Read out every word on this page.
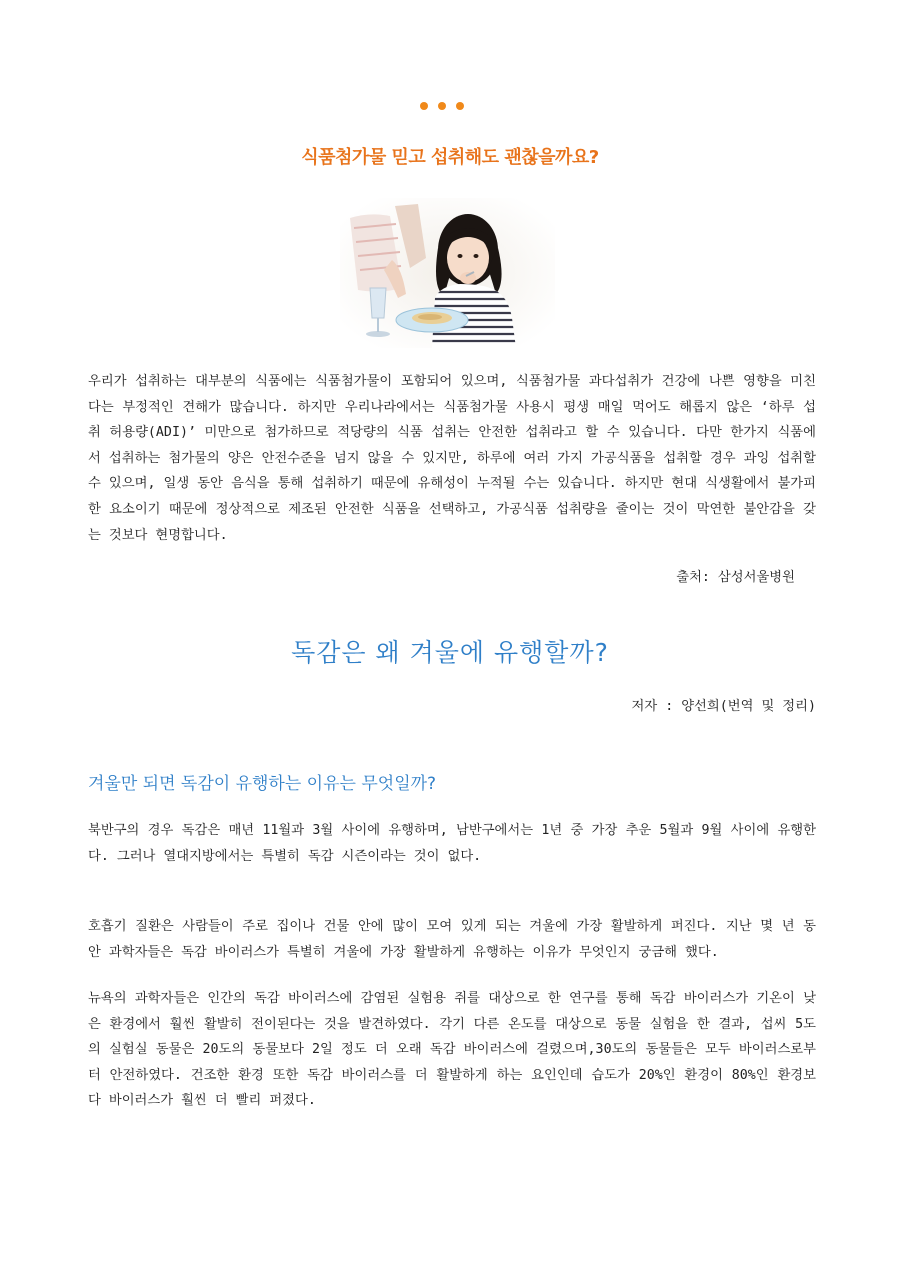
식품첨가물 믿고 섭취해도 괜찮을까요?

우리가 섭취하는 대부분의 식품에는 식품첨가물이 포함되어 있으며, 식품첨가물 과다섭취가 건강에 나쁜 영향을 미친다는 부정적인 견해가 많습니다. 하지만 우리나라에서는 식품첨가물 사용시 평생 매일 먹어도 해롭지 않은 ‘하루 섭취 허용량(ADI)’ 미만으로 첨가하므로 적당량의 식품 섭취는 안전한 섭취라고 할 수 있습니다. 다만 한가지 식품에서 섭취하는 첨가물의 양은 안전수준을 넘지 않을 수 있지만, 하루에 여러 가지 가공식품을 섭취할 경우 과잉 섭취할 수 있으며, 일생 동안 음식을 통해 섭취하기 때문에 유해성이 누적될 수는 있습니다. 하지만 현대 식생활에서 불가피한 요소이기 때문에 정상적으로 제조된 안전한 식품을 선택하고, 가공식품 섭취량을 줄이는 것이 막연한 불안감을 갖는 것보다 현명합니다.

출처: 삼성서울병원
독감은 왜 겨울에 유행할까?
저자 : 양선희(번역 및 정리)
겨울만 되면 독감이 유행하는 이유는 무엇일까?

북반구의 경우 독감은 매년 11월과 3월 사이에 유행하며, 남반구에서는 1년 중 가장 추운 5월과 9월 사이에 유행한다. 그러나 열대지방에서는 특별히 독감 시즌이라는 것이 없다.

호흡기 질환은 사람들이 주로 집이나 건물 안에 많이 모여 있게 되는 겨울에 가장 활발하게 퍼진다. 지난 몇 년 동안 과학자들은 독감 바이러스가 특별히 겨울에 가장 활발하게 유행하는 이유가 무엇인지 궁금해 했다.

뉴욕의 과학자들은 인간의 독감 바이러스에 감염된 실험용 쥐를 대상으로 한 연구를 통해 독감 바이러스가 기온이 낮은 환경에서 훨씬 활발히 전이된다는 것을 발견하였다. 각기 다른 온도를 대상으로 동물 실험을 한 결과, 섭씨 5도의 실험실 동물은 20도의 동물보다 2일 정도 더 오래 독감 바이러스에 걸렸으며,30도의 동물들은 모두 바이러스로부터 안전하였다. 건조한 환경 또한 독감 바이러스를 더 활발하게 하는 요인인데 습도가 20%인 환경이 80%인 환경보다 바이러스가 훨씬 더 빨리 퍼졌다.
